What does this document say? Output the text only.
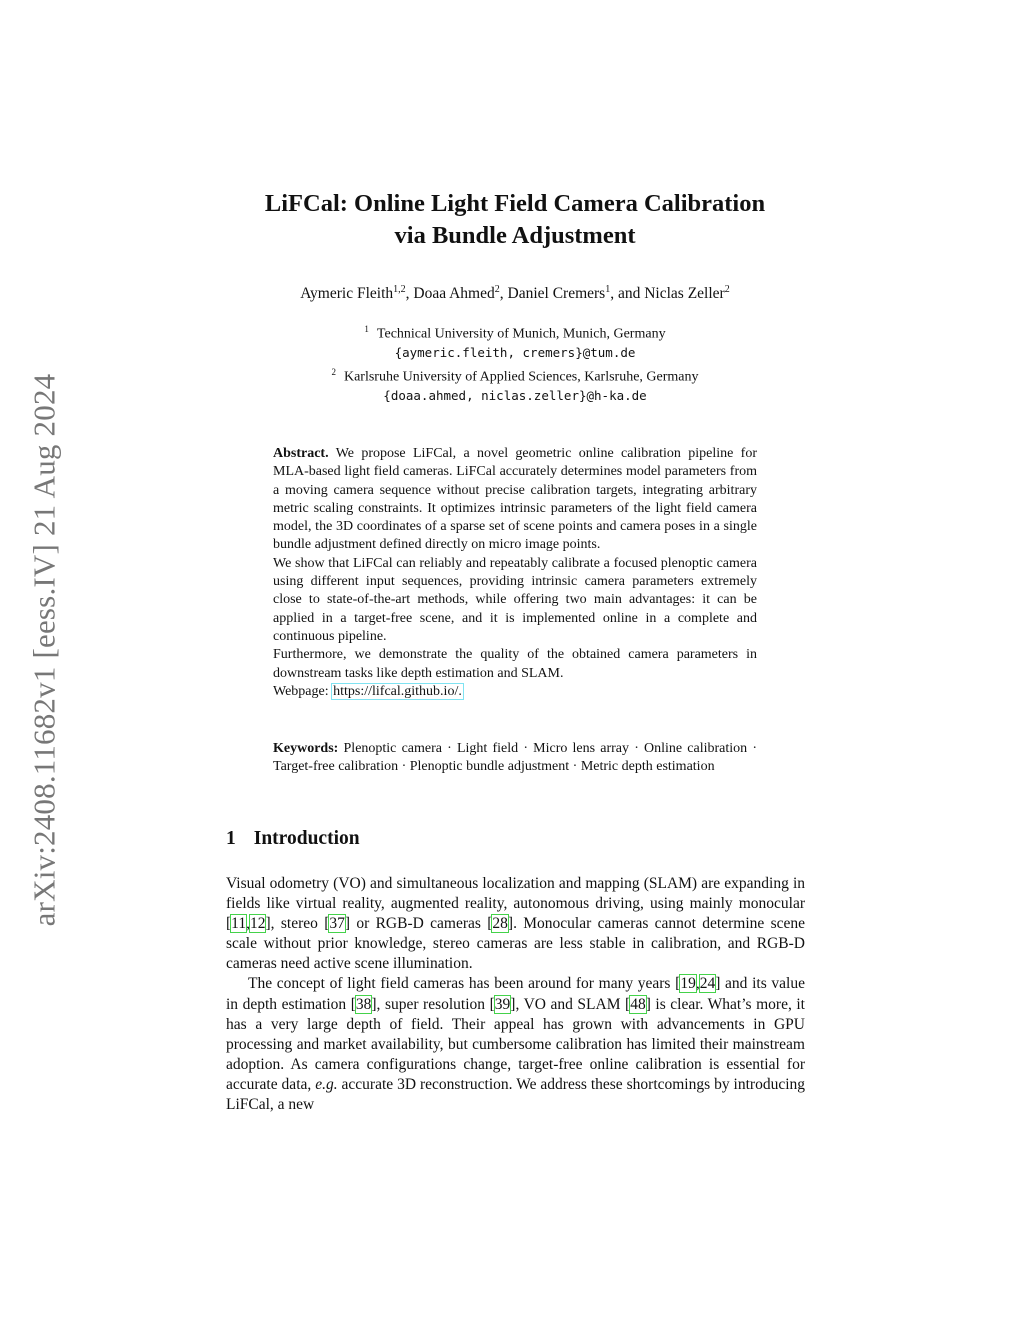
arXiv:2408.11682v1 [eess.IV] 21 Aug 2024
LiFCal: Online Light Field Camera Calibration
via Bundle Adjustment
Aymeric Fleith$^{1,2}$, Doaa Ahmed$^2$, Daniel Cremers$^1$, and Niclas Zeller$^2$
$^1$ Technical University of Munich, Munich, Germany
{aymeric.fleith, cremers}@tum.de
$^2$ Karlsruhe University of Applied Sciences, Karlsruhe, Germany
{doaa.ahmed, niclas.zeller}@h-ka.de

Abstract. We propose LiFCal, a novel geometric online calibration pipeline for MLA-based light field cameras. LiFCal accurately determines model parameters from a moving camera sequence without precise calibration targets, integrating arbitrary metric scaling constraints. It optimizes intrinsic parameters of the light field camera model, the 3D coordinates of a sparse set of scene points and camera poses in a single bundle adjustment defined directly on micro image points.

We show that LiFCal can reliably and repeatably calibrate a focused plenoptic camera using different input sequences, providing intrinsic camera parameters extremely close to state-of-the-art methods, while offering two main advantages: it can be applied in a target-free scene, and it is implemented online in a complete and continuous pipeline.

Furthermore, we demonstrate the quality of the obtained camera parameters in downstream tasks like depth estimation and SLAM.

Webpage: https://lifcal.github.io/.

Keywords: Plenoptic camera · Light field · Micro lens array · Online calibration · Target-free calibration · Plenoptic bundle adjustment · Metric depth estimation
1 Introduction

Visual odometry (VO) and simultaneous localization and mapping (SLAM) are expanding in fields like virtual reality, augmented reality, autonomous driving, using mainly monocular [11,12], stereo [37] or RGB-D cameras [28]. Monocular cameras cannot determine scene scale without prior knowledge, stereo cameras are less stable in calibration, and RGB-D cameras need active scene illumination.

The concept of light field cameras has been around for many years [19,24] and its value in depth estimation [38], super resolution [39], VO and SLAM [48] is clear. What’s more, it has a very large depth of field. Their appeal has grown with advancements in GPU processing and market availability, but cumbersome calibration has limited their mainstream adoption. As camera configurations change, target-free online calibration is essential for accurate data, e.g. accurate 3D reconstruction. We address these shortcomings by introducing LiFCal, a new
